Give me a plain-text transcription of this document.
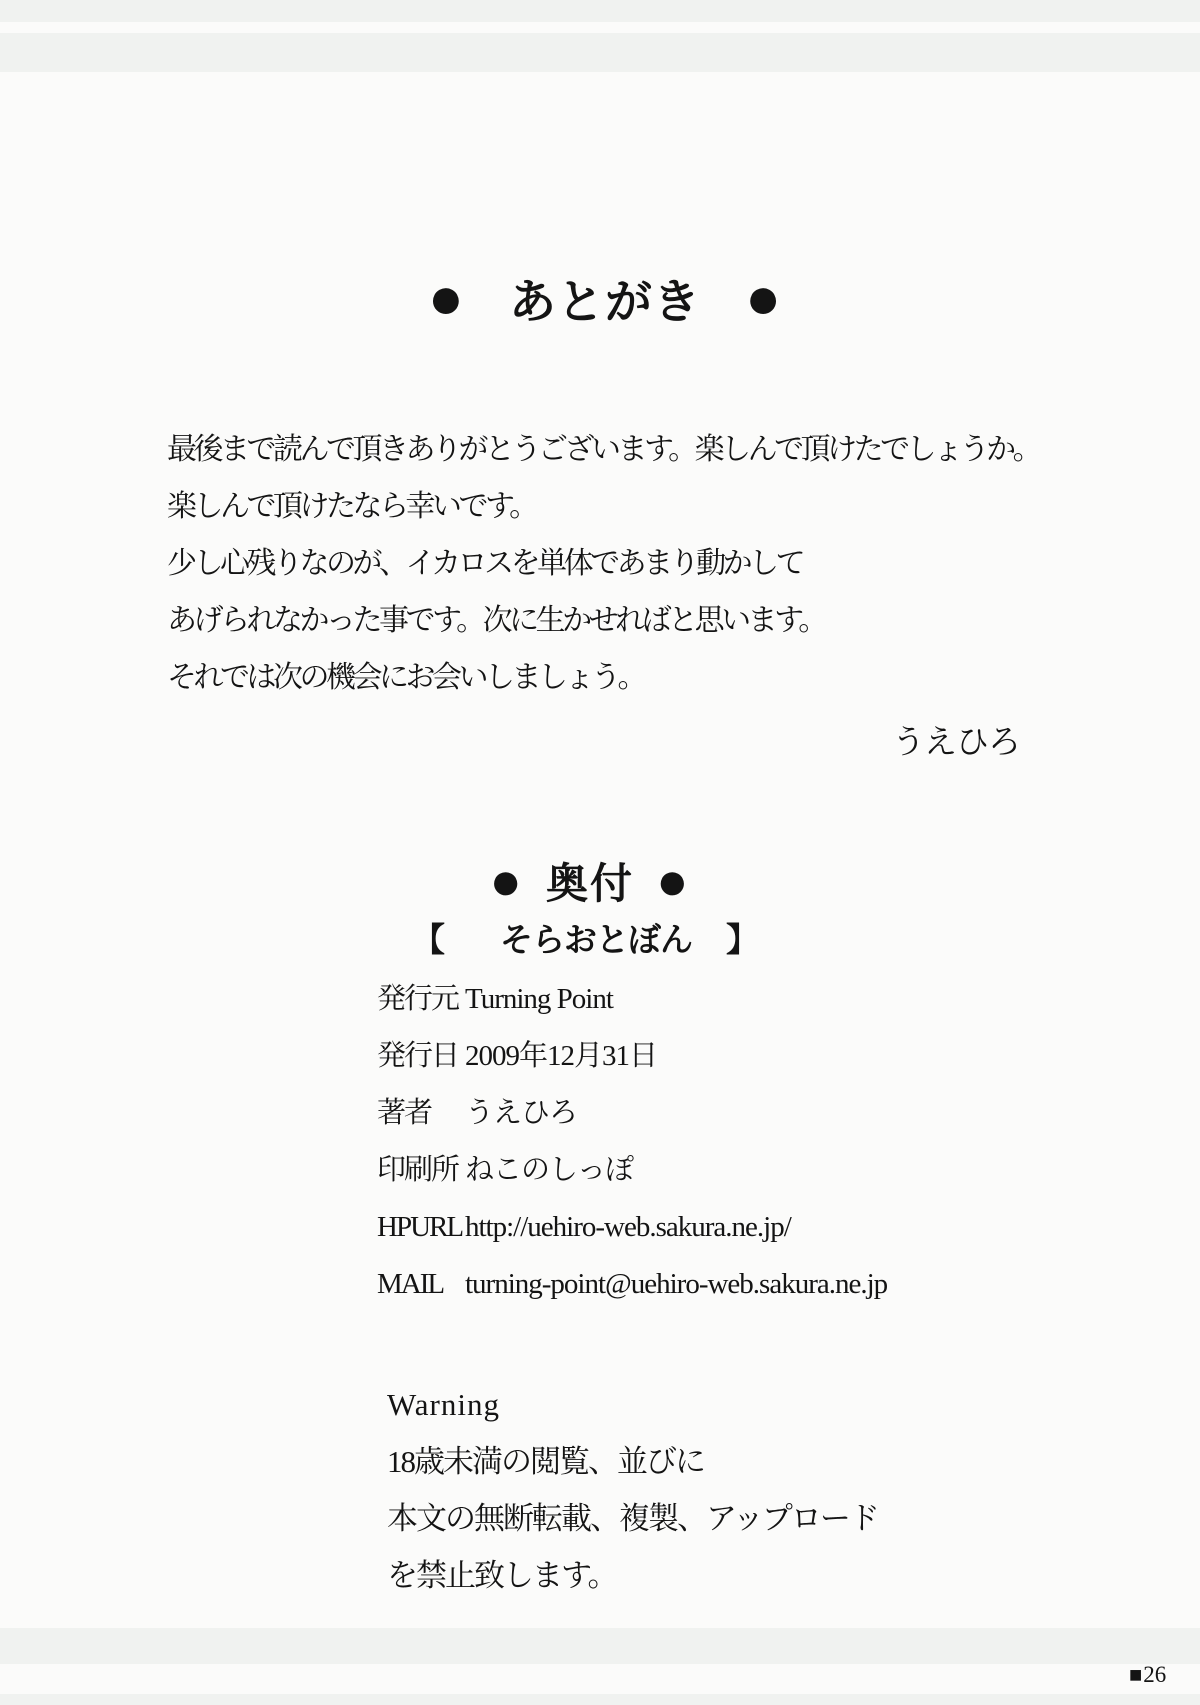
● あとがき ●

最後まで読んで頂きありがとうございます。楽しんで頂けたでしょうか。

楽しんで頂けたなら幸いです。

少し心残りなのが、イカロスを単体であまり動かして

あげられなかった事です。次に生かせればと思います。

それでは次の機会にお会いしましょう。

うえひろ
● 奥付 ●
【 そらおとぼん 】
発行元 Turning Point
発行日 2009年12月31日
著者	うえひろ
印刷所 ねこのしっぽ
HPURL http://uehiro-web.sakura.ne.jp/
MAIL turning-point@uehiro-web.sakura.ne.jp

Warning

18歳未満の閲覧、並びに

本文の無断転載、複製、アップロード

を禁止致します。

■ 26
